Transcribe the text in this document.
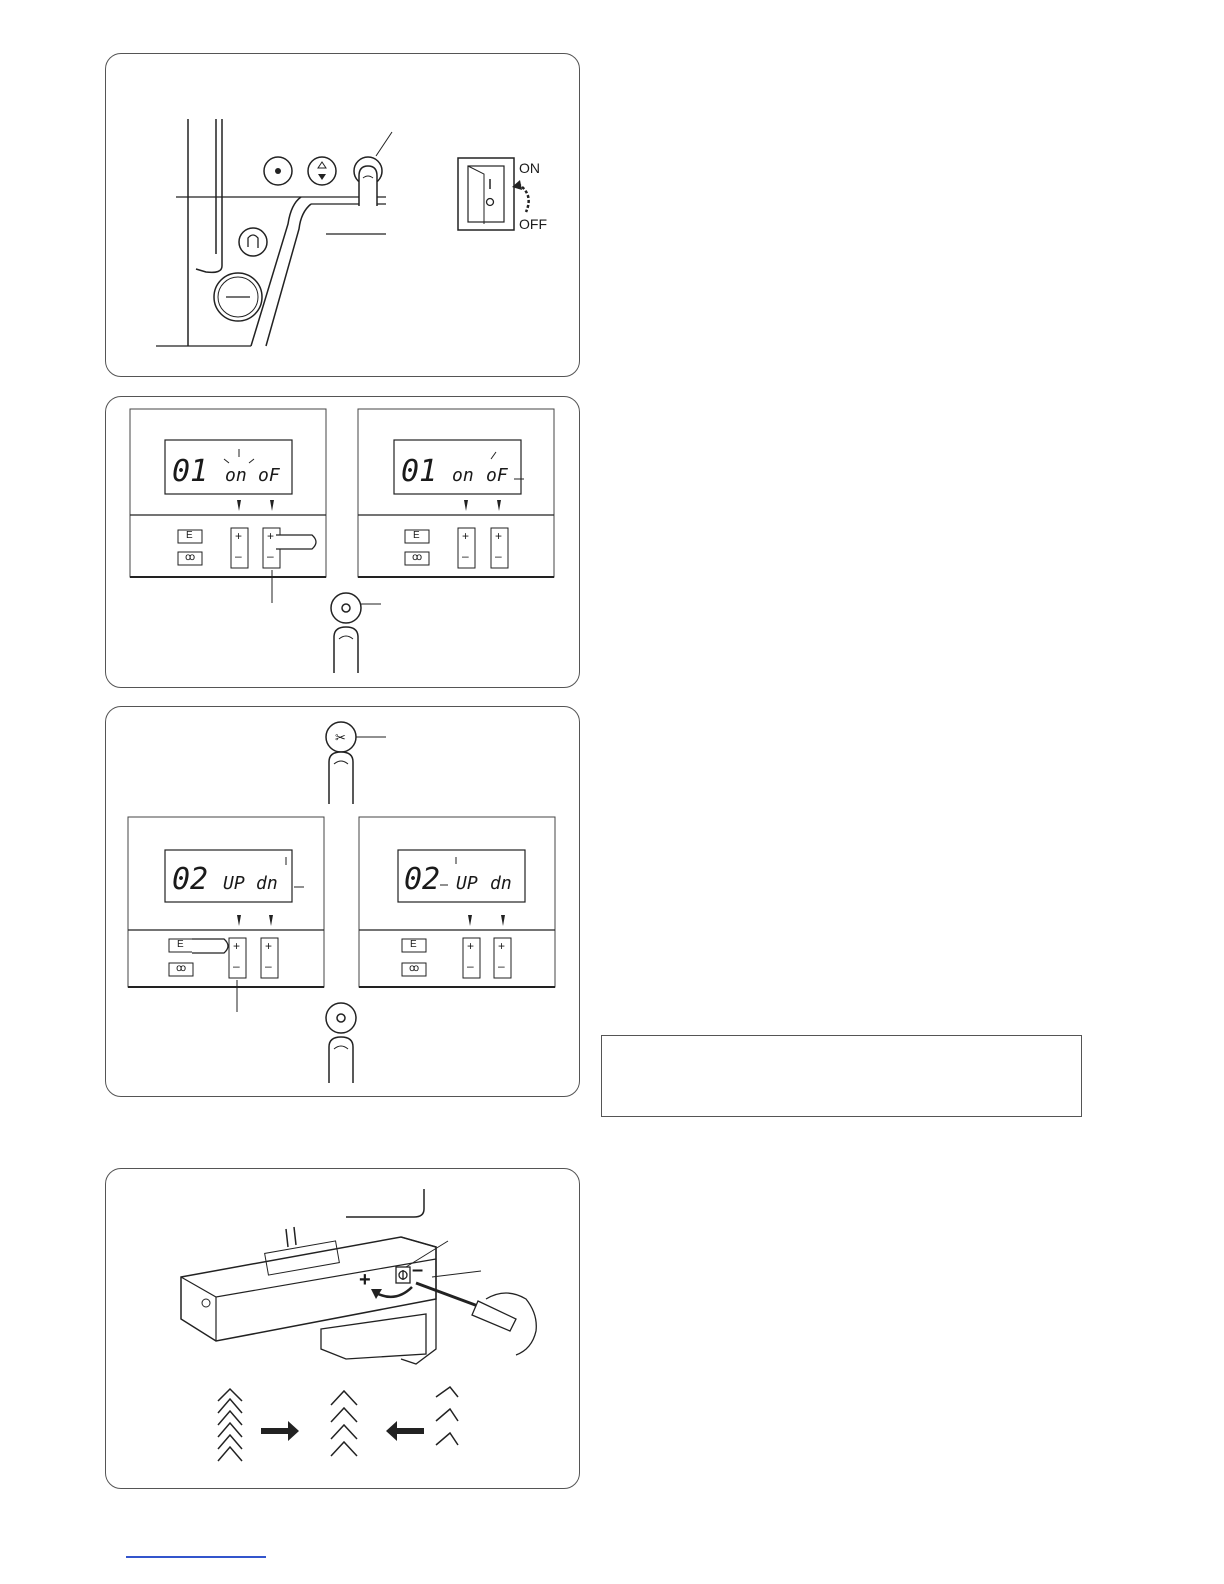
ON
OFF
01 on oF	01 on oF
E
ꝏ
+
–
+
–
E
ꝏ
+
–
+
–
✂
02 UP dn	02 UP dn
E
ꝏ
+
–
+
–
E
ꝏ
+
–
+
–
+ –
